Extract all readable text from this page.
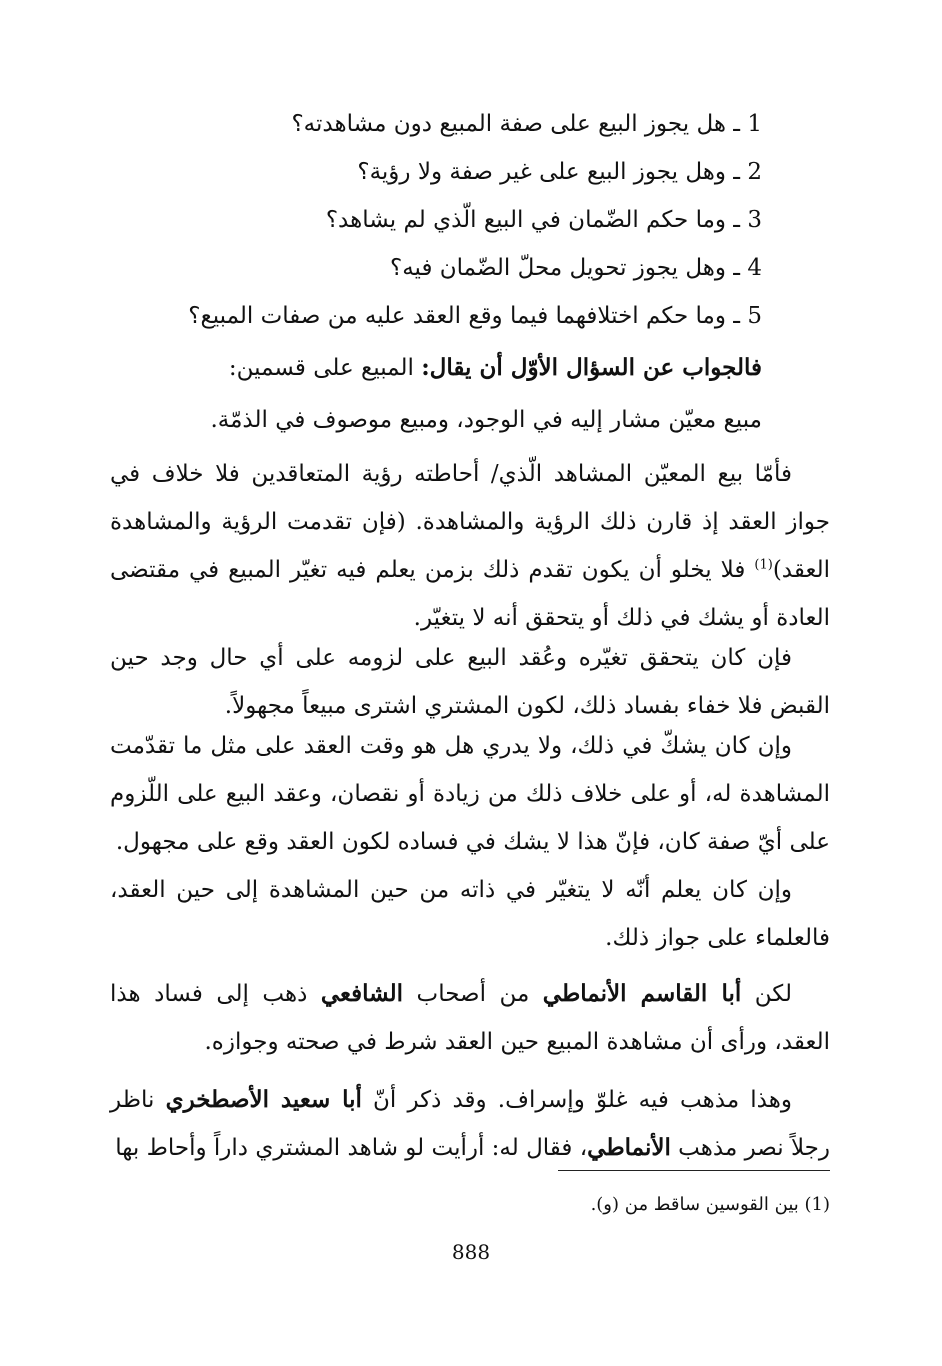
1 ـ هل يجوز البيع على صفة المبيع دون مشاهدته؟
2 ـ وهل يجوز البيع على غير صفة ولا رؤية؟
3 ـ وما حكم الضّمان في البيع الّذي لم يشاهد؟
4 ـ وهل يجوز تحويل محلّ الضّمان فيه؟
5 ـ وما حكم اختلافهما فيما وقع العقد عليه من صفات المبيع؟
فالجواب عن السؤال الأوّل أن يقال: المبيع على قسمين:
مبيع معيّن مشار إليه في الوجود، ومبيع موصوف في الذمّة.
فأمّا بيع المعيّن المشاهد الّذي/ أحاطته رؤية المتعاقدين فلا خلاف في جواز العقد إذ قارن ذلك الرؤية والمشاهدة. (فإن تقدمت الرؤية والمشاهدة العقد)$^{(1)}$ فلا يخلو أن يكون تقدم ذلك بزمن يعلم فيه تغيّر المبيع في مقتضى العادة أو يشك في ذلك أو يتحقق أنه لا يتغيّر.
فإن كان يتحقق تغيّره وعُقد البيع على لزومه على أي حال وجد حين القبض فلا خفاء بفساد ذلك، لكون المشتري اشترى مبيعاً مجهولاً.
وإن كان يشكّ في ذلك، ولا يدري هل هو وقت العقد على مثل ما تقدّمت المشاهدة له، أو على خلاف ذلك من زيادة أو نقصان، وعقد البيع على اللّزوم على أيّ صفة كان، فإنّ هذا لا يشك في فساده لكون العقد وقع على مجهول.
وإن كان يعلم أنّه لا يتغيّر في ذاته من حين المشاهدة إلى حين العقد، فالعلماء على جواز ذلك.
لكن أبا القاسم الأنماطي من أصحاب الشافعي ذهب إلى فساد هذا العقد، ورأى أن مشاهدة المبيع حين العقد شرط في صحته وجوازه.
وهذا مذهب فيه غلوّ وإسراف. وقد ذكر أنّ أبا سعيد الأصطخري ناظر رجلاً نصر مذهب الأنماطي، فقال له: أرأيت لو شاهد المشتري داراً وأحاط بها
(1) بين القوسين ساقط من (و).
888
